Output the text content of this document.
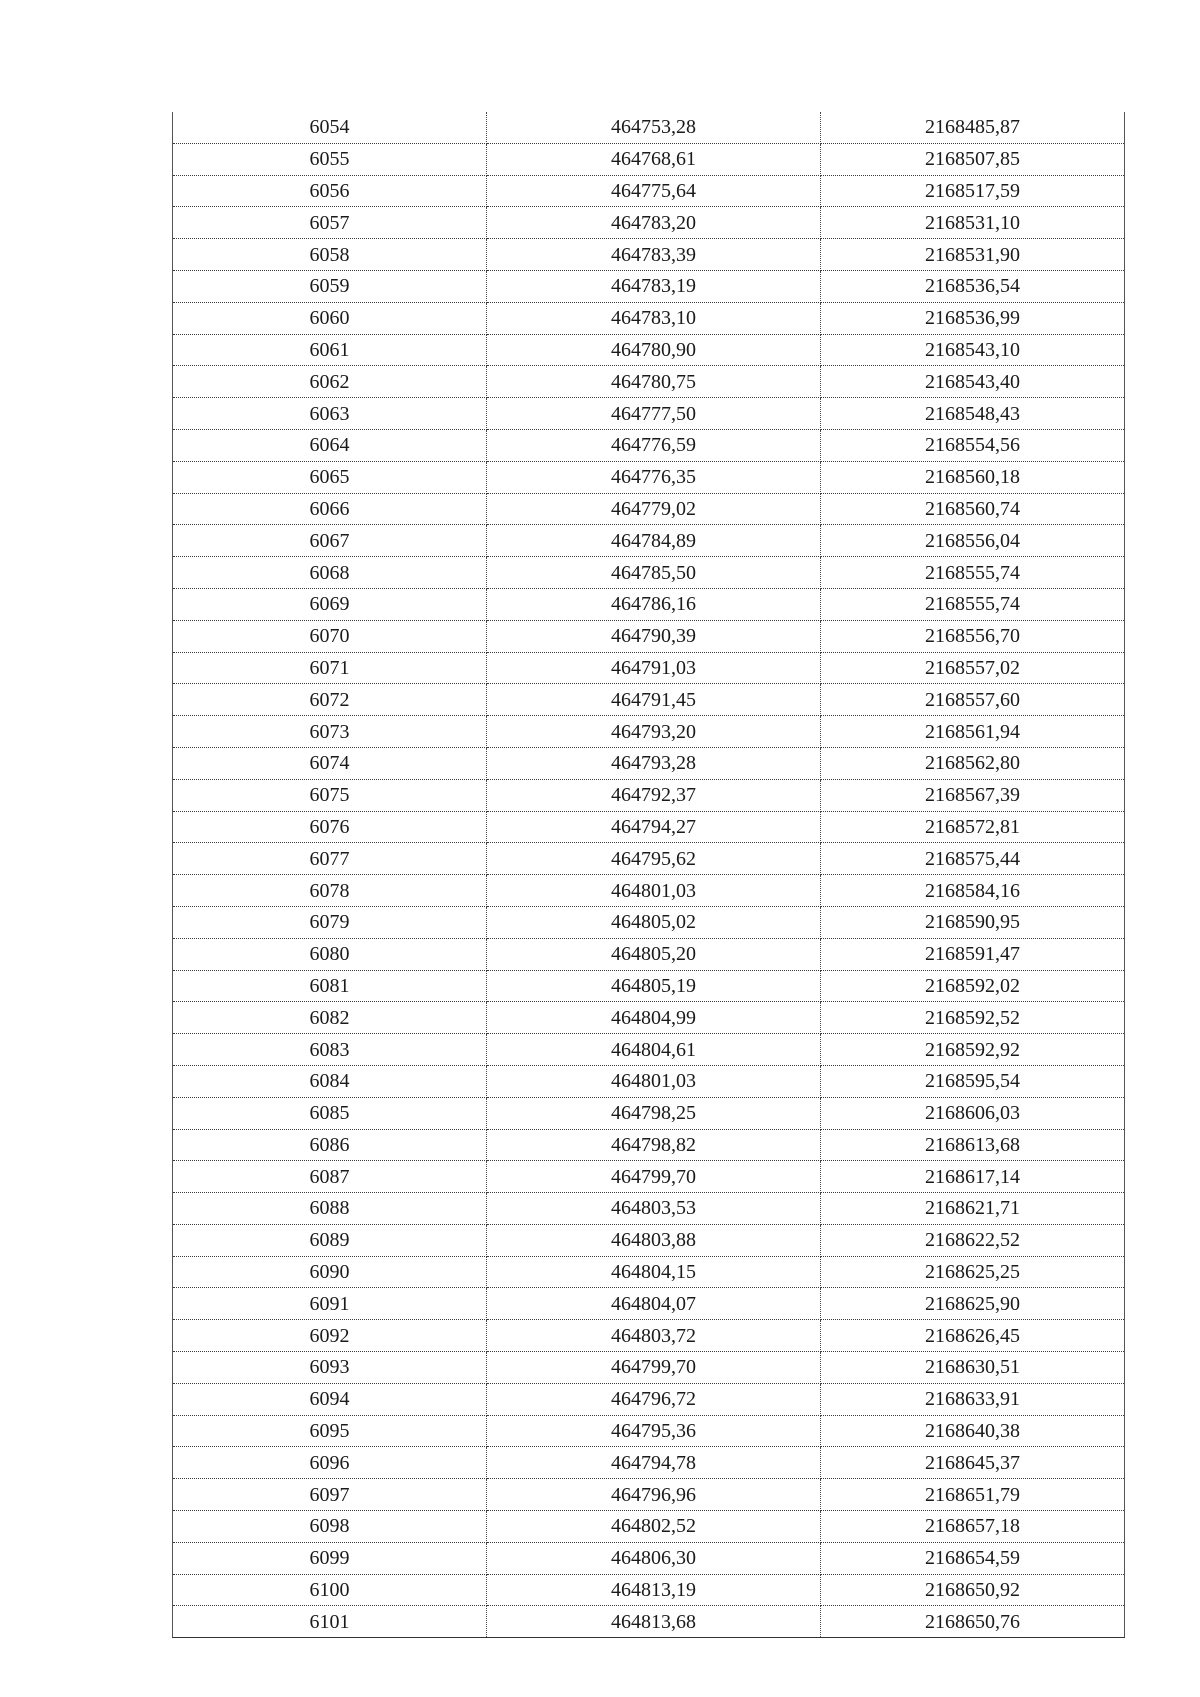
6054	464753,28	2168485,87
6055	464768,61	2168507,85
6056	464775,64	2168517,59
6057	464783,20	2168531,10
6058	464783,39	2168531,90
6059	464783,19	2168536,54
6060	464783,10	2168536,99
6061	464780,90	2168543,10
6062	464780,75	2168543,40
6063	464777,50	2168548,43
6064	464776,59	2168554,56
6065	464776,35	2168560,18
6066	464779,02	2168560,74
6067	464784,89	2168556,04
6068	464785,50	2168555,74
6069	464786,16	2168555,74
6070	464790,39	2168556,70
6071	464791,03	2168557,02
6072	464791,45	2168557,60
6073	464793,20	2168561,94
6074	464793,28	2168562,80
6075	464792,37	2168567,39
6076	464794,27	2168572,81
6077	464795,62	2168575,44
6078	464801,03	2168584,16
6079	464805,02	2168590,95
6080	464805,20	2168591,47
6081	464805,19	2168592,02
6082	464804,99	2168592,52
6083	464804,61	2168592,92
6084	464801,03	2168595,54
6085	464798,25	2168606,03
6086	464798,82	2168613,68
6087	464799,70	2168617,14
6088	464803,53	2168621,71
6089	464803,88	2168622,52
6090	464804,15	2168625,25
6091	464804,07	2168625,90
6092	464803,72	2168626,45
6093	464799,70	2168630,51
6094	464796,72	2168633,91
6095	464795,36	2168640,38
6096	464794,78	2168645,37
6097	464796,96	2168651,79
6098	464802,52	2168657,18
6099	464806,30	2168654,59
6100	464813,19	2168650,92
6101	464813,68	2168650,76
